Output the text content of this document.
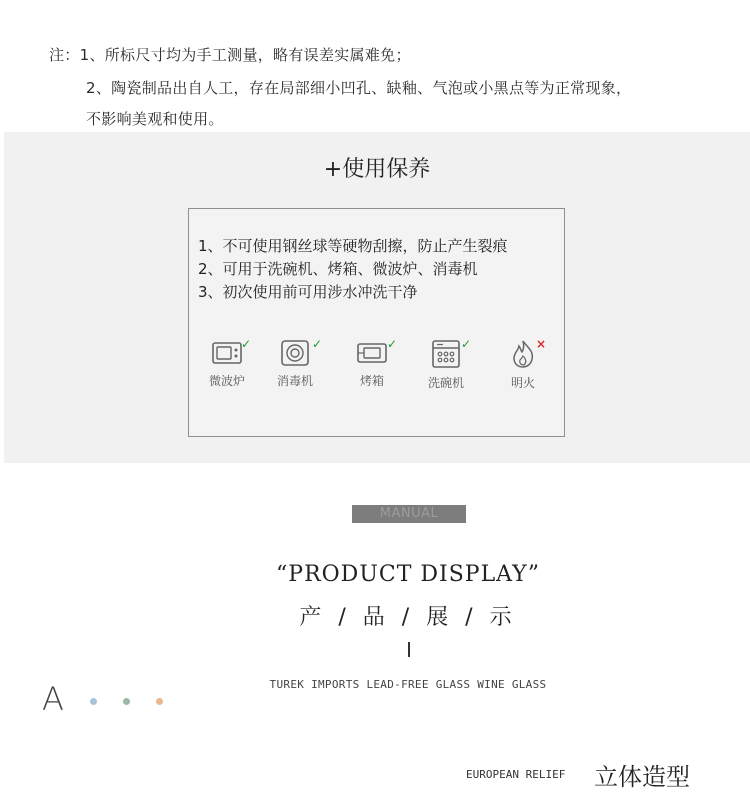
注：1、所标尺寸均为手工测量，略有误差实属难免；
2、陶瓷制品出自人工，存在局部细小凹孔、缺釉、气泡或小黑点等为正常现象，
不影响美观和使用。
+使用保养
1、不可使用钢丝球等硬物刮擦，防止产生裂痕
2、可用于洗碗机、烤箱、微波炉、消毒机
3、初次使用前可用涉水冲洗干净
微波炉
✓
消毒机
✓
烤箱
✓
洗碗机
✓
明火
×
MANUAL
“PRODUCT DISPLAY”
产 / 品 / 展 / 示
TUREK IMPORTS LEAD-FREE GLASS WINE GLASS
A
EUROPEAN RELIEF 立体造型
